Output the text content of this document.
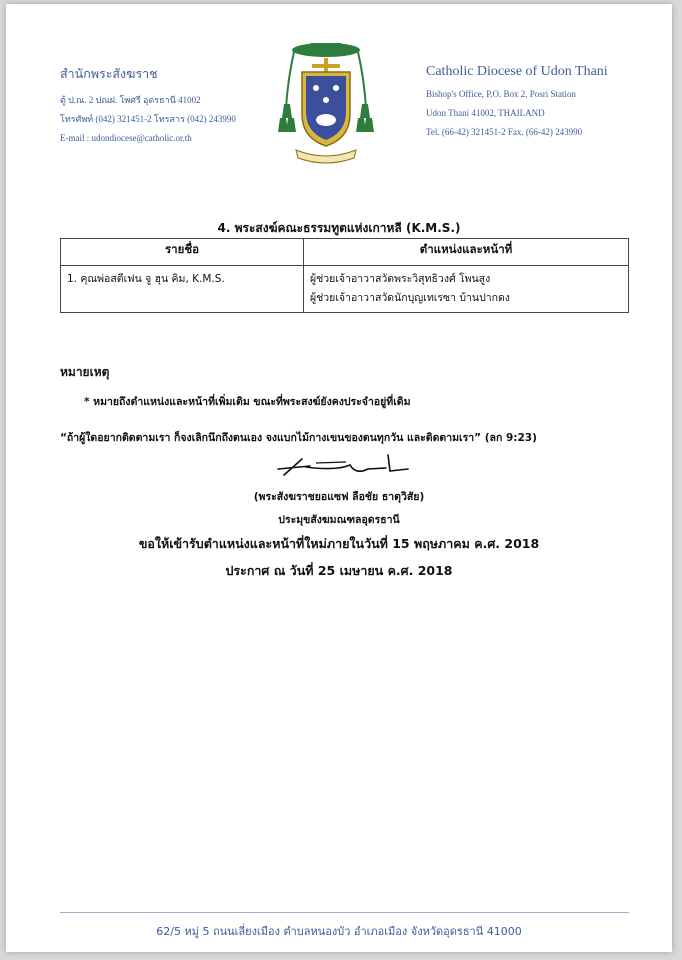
สำนักพระสังฆราช
ตู้ ป.ณ. 2 ปณฝ. โพศรี อุดรธานี 41002
โทรศัพท์ (042) 321451-2 โทรสาร (042) 243990
E-mail : udondiocese@catholic.or.th
Catholic Diocese of Udon Thani
Bishop's Office, P.O. Box 2, Posri Station
Udon Thani 41002, THAILAND
Tel. (66-42) 321451-2 Fax. (66-42) 243990
4. พระสงฆ์คณะธรรมทูตแห่งเกาหลี (K.M.S.)
รายชื่อ	ตำแหน่งและหน้าที่
1. คุณพ่อสตีเฟน จู ฮุน คิม, K.M.S.	ผู้ช่วยเจ้าอาวาสวัดพระวิสุทธิวงศ์ โพนสูง
ผู้ช่วยเจ้าอาวาสวัดนักบุญเทเรซา บ้านปากดง
หมายเหตุ
* หมายถึงตำแหน่งและหน้าที่เพิ่มเติม ขณะที่พระสงฆ์ยังคงประจำอยู่ที่เดิม
“ถ้าผู้ใดอยากติดตามเรา ก็จงเลิกนึกถึงตนเอง จงแบกไม้กางเขนของตนทุกวัน และติดตามเรา” (ลก 9:23)
(พระสังฆราชยอแซฟ ลือชัย ธาตุวิสัย)
ประมุขสังฆมณฑลอุดรธานี
ขอให้เข้ารับตำแหน่งและหน้าที่ใหม่ภายในวันที่ 15 พฤษภาคม ค.ศ. 2018
ประกาศ ณ วันที่ 25 เมษายน ค.ศ. 2018
62/5 หมู่ 5 ถนนเลี่ยงเมือง ตำบลหนองบัว อำเภอเมือง จังหวัดอุดรธานี 41000
